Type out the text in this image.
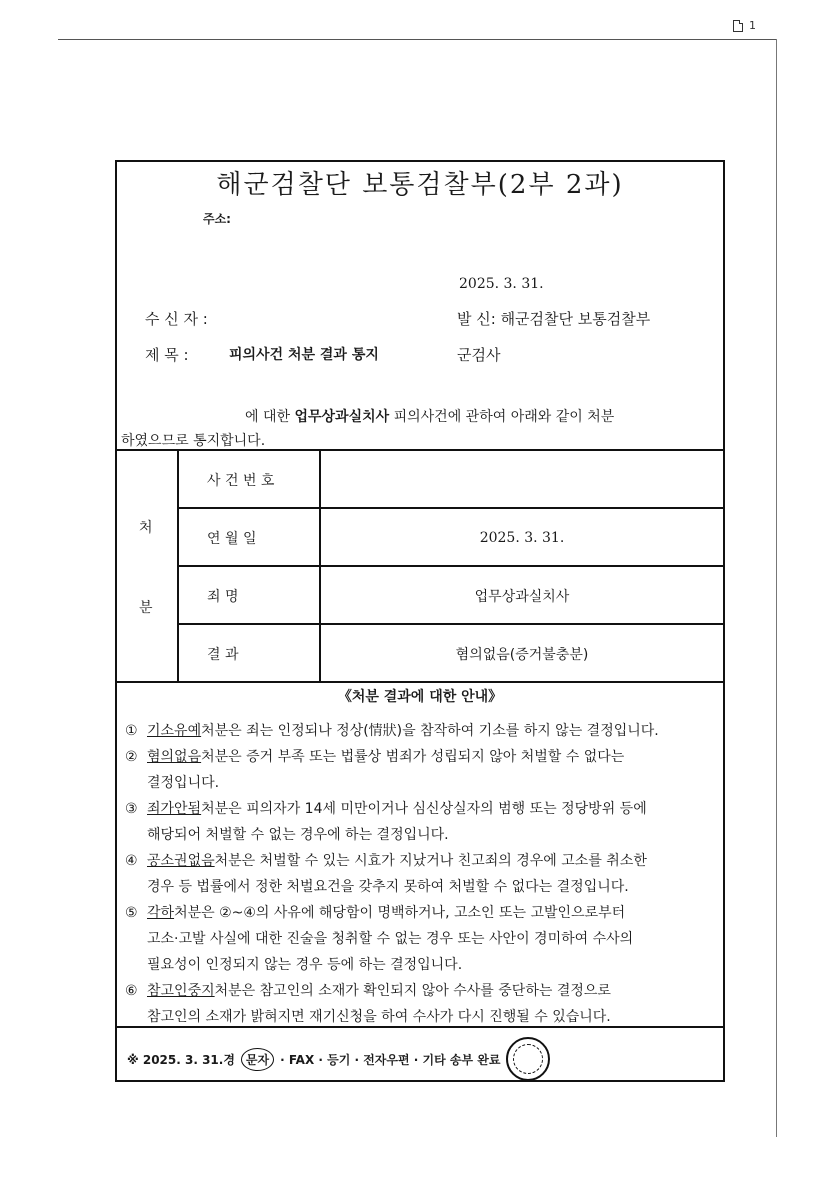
1
해군검찰단 보통검찰부(2부 2과)
주소:
2025. 3. 31.
수 신 자 :	발 신: 해군검찰단 보통검찰부
제 목 :	피의사건 처분 결과 통지	군검사
에 대한 업무상과실치사 피의사건에 관하여 아래와 같이 처분
하였으므로 통지합니다.
처
분
사 건 번 호
연 월 일	2025. 3. 31.
죄 명	업무상과실치사
결 과	혐의없음(증거불충분)
《처분 결과에 대한 안내》
① 기소유예처분은 죄는 인정되나 정상(情狀)을 참작하여 기소를 하지 않는 결정입니다.
② 혐의없음처분은 증거 부족 또는 법률상 범죄가 성립되지 않아 처벌할 수 없다는
결정입니다.
③ 죄가안됨처분은 피의자가 14세 미만이거나 심신상실자의 범행 또는 정당방위 등에
해당되어 처벌할 수 없는 경우에 하는 결정입니다.
④ 공소권없음처분은 처벌할 수 있는 시효가 지났거나 친고죄의 경우에 고소를 취소한
경우 등 법률에서 정한 처벌요건을 갖추지 못하여 처벌할 수 없다는 결정입니다.
⑤ 각하처분은 ②~④의 사유에 해당함이 명백하거나, 고소인 또는 고발인으로부터
고소·고발 사실에 대한 진술을 청취할 수 없는 경우 또는 사안이 경미하여 수사의
필요성이 인정되지 않는 경우 등에 하는 결정입니다.
⑥ 참고인중지처분은 참고인의 소재가 확인되지 않아 수사를 중단하는 결정으로
참고인의 소재가 밝혀지면 재기신청을 하여 수사가 다시 진행될 수 있습니다.
※ 2025. 3. 31.경 문자 · FAX · 등기 · 전자우편 · 기타 송부 완료
